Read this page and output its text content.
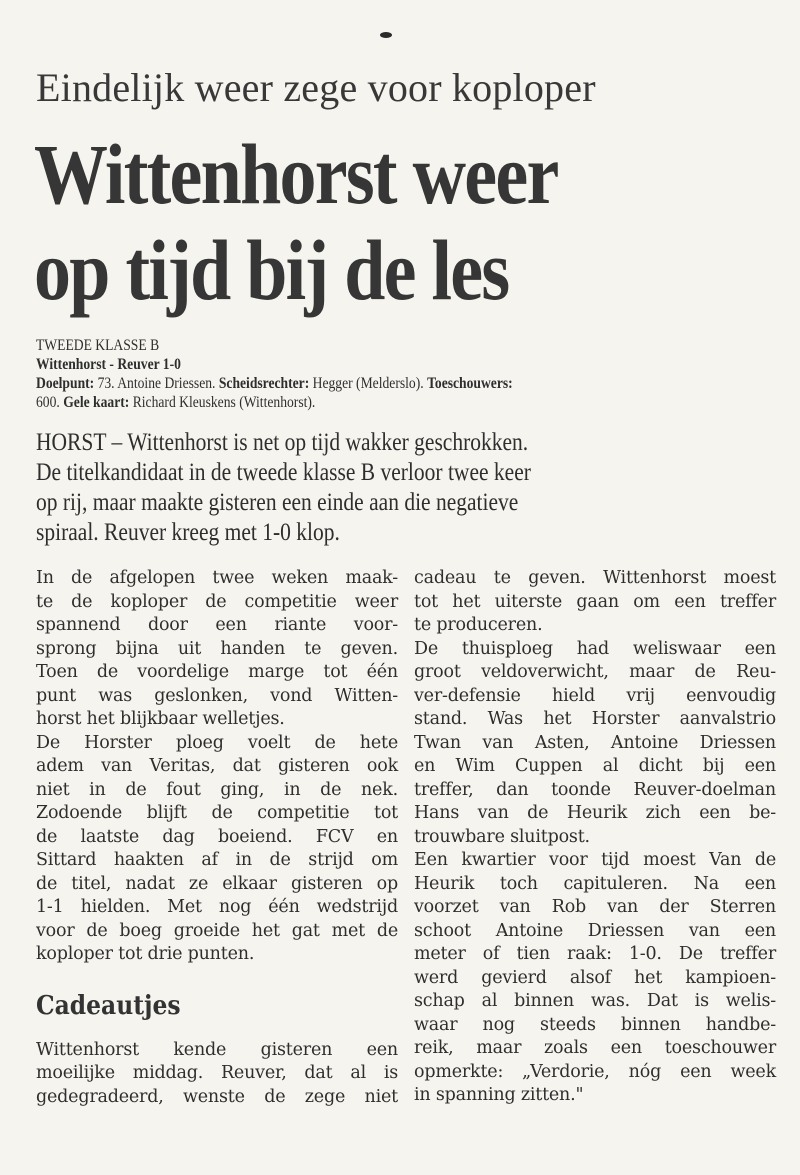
Eindelijk weer zege voor koploper
Wittenhorst weer
op tijd bij de les
TWEEDE KLASSE B
Wittenhorst - Reuver 1-0
Doelpunt: 73. Antoine Driessen. Scheidsrechter: Hegger (Melderslo). Toeschouwers:
600. Gele kaart: Richard Kleuskens (Wittenhorst).
HORST – Wittenhorst is net op tijd wakker geschrokken.
De titelkandidaat in de tweede klasse B verloor twee keer
op rij, maar maakte gisteren een einde aan die negatieve
spiraal. Reuver kreeg met 1-0 klop.
In de afgelopen twee weken maak-
te de koploper de competitie weer
spannend door een riante voor-
sprong bijna uit handen te geven.
Toen de voordelige marge tot één
punt was geslonken, vond Witten-
horst het blijkbaar welletjes.
De Horster ploeg voelt de hete
adem van Veritas, dat gisteren ook
niet in de fout ging, in de nek.
Zodoende blijft de competitie tot
de laatste dag boeiend. FCV en
Sittard haakten af in de strijd om
de titel, nadat ze elkaar gisteren op
1-1 hielden. Met nog één wedstrijd
voor de boeg groeide het gat met de
koploper tot drie punten.
Cadeautjes
Wittenhorst kende gisteren een
moeilijke middag. Reuver, dat al is
gedegradeerd, wenste de zege niet
cadeau te geven. Wittenhorst moest
tot het uiterste gaan om een treffer
te produceren.
De thuisploeg had weliswaar een
groot veldoverwicht, maar de Reu-
ver-defensie hield vrij eenvoudig
stand. Was het Horster aanvalstrio
Twan van Asten, Antoine Driessen
en Wim Cuppen al dicht bij een
treffer, dan toonde Reuver-doelman
Hans van de Heurik zich een be-
trouwbare sluitpost.
Een kwartier voor tijd moest Van de
Heurik toch capituleren. Na een
voorzet van Rob van der Sterren
schoot Antoine Driessen van een
meter of tien raak: 1-0. De treffer
werd gevierd alsof het kampioen-
schap al binnen was. Dat is welis-
waar nog steeds binnen handbe-
reik, maar zoals een toeschouwer
opmerkte: „Verdorie, nóg een week
in spanning zitten."
